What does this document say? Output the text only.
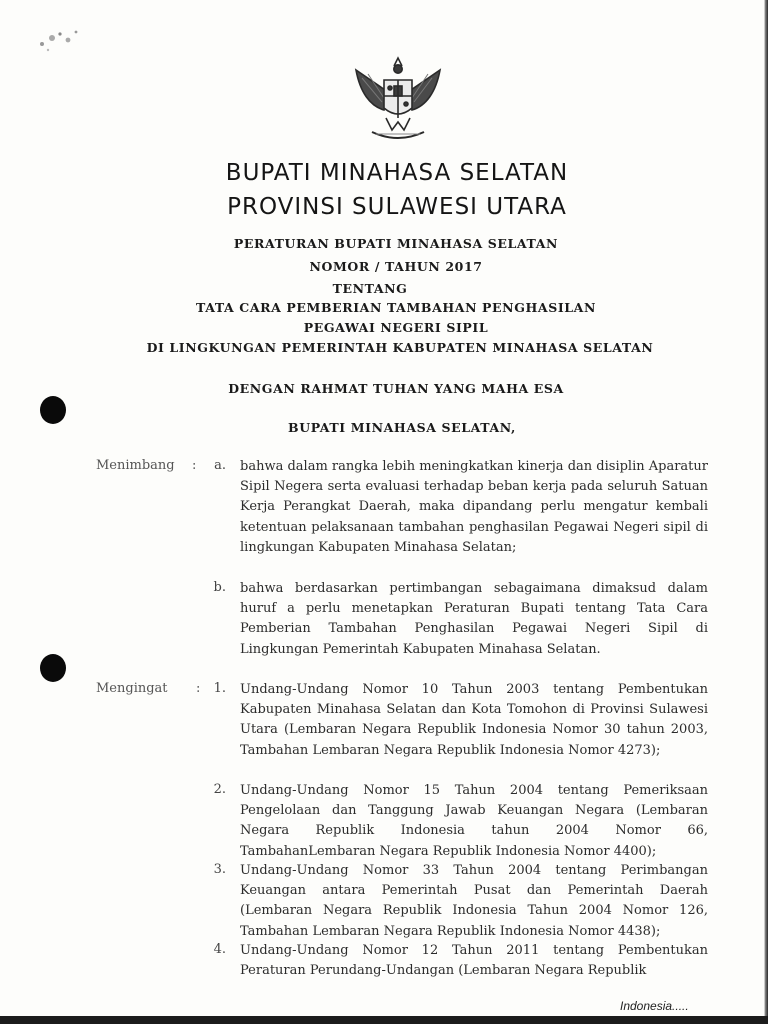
BUPATI MINAHASA SELATAN
PROVINSI SULAWESI UTARA
PERATURAN BUPATI MINAHASA SELATAN
NOMOR / TAHUN 2017
TENTANG
TATA CARA PEMBERIAN TAMBAHAN PENGHASILAN
PEGAWAI NEGERI SIPIL
DI LINGKUNGAN PEMERINTAH KABUPATEN MINAHASA SELATAN
DENGAN RAHMAT TUHAN YANG MAHA ESA
BUPATI MINAHASA SELATAN,
Menimbang :	a. bahwa dalam rangka lebih meningkatkan kinerja dan disiplin Aparatur Sipil Negera serta evaluasi terhadap beban kerja pada seluruh Satuan Kerja Perangkat Daerah, maka dipandang perlu mengatur kembali ketentuan pelaksanaan tambahan penghasilan Pegawai Negeri sipil di lingkungan Kabupaten Minahasa Selatan;
b. bahwa berdasarkan pertimbangan sebagaimana dimaksud dalam huruf a perlu menetapkan Peraturan Bupati tentang Tata Cara Pemberian Tambahan Penghasilan Pegawai Negeri Sipil di Lingkungan Pemerintah Kabupaten Minahasa Selatan.
Mengingat :	1. Undang-Undang Nomor 10 Tahun 2003 tentang Pembentukan Kabupaten Minahasa Selatan dan Kota Tomohon di Provinsi Sulawesi Utara (Lembaran Negara Republik Indonesia Nomor 30 tahun 2003, Tambahan Lembaran Negara Republik Indonesia Nomor 4273);
2. Undang-Undang Nomor 15 Tahun 2004 tentang Pemeriksaan Pengelolaan dan Tanggung Jawab Keuangan Negara (Lembaran Negara Republik Indonesia tahun 2004 Nomor 66, TambahanLembaran Negara Republik Indonesia Nomor 4400);
3. Undang-Undang Nomor 33 Tahun 2004 tentang Perimbangan Keuangan antara Pemerintah Pusat dan Pemerintah Daerah (Lembaran Negara Republik Indonesia Tahun 2004 Nomor 126, Tambahan Lembaran Negara Republik Indonesia Nomor 4438);
4. Undang-Undang Nomor 12 Tahun 2011 tentang Pembentukan Peraturan Perundang-Undangan (Lembaran Negara Republik
Indonesia.....
